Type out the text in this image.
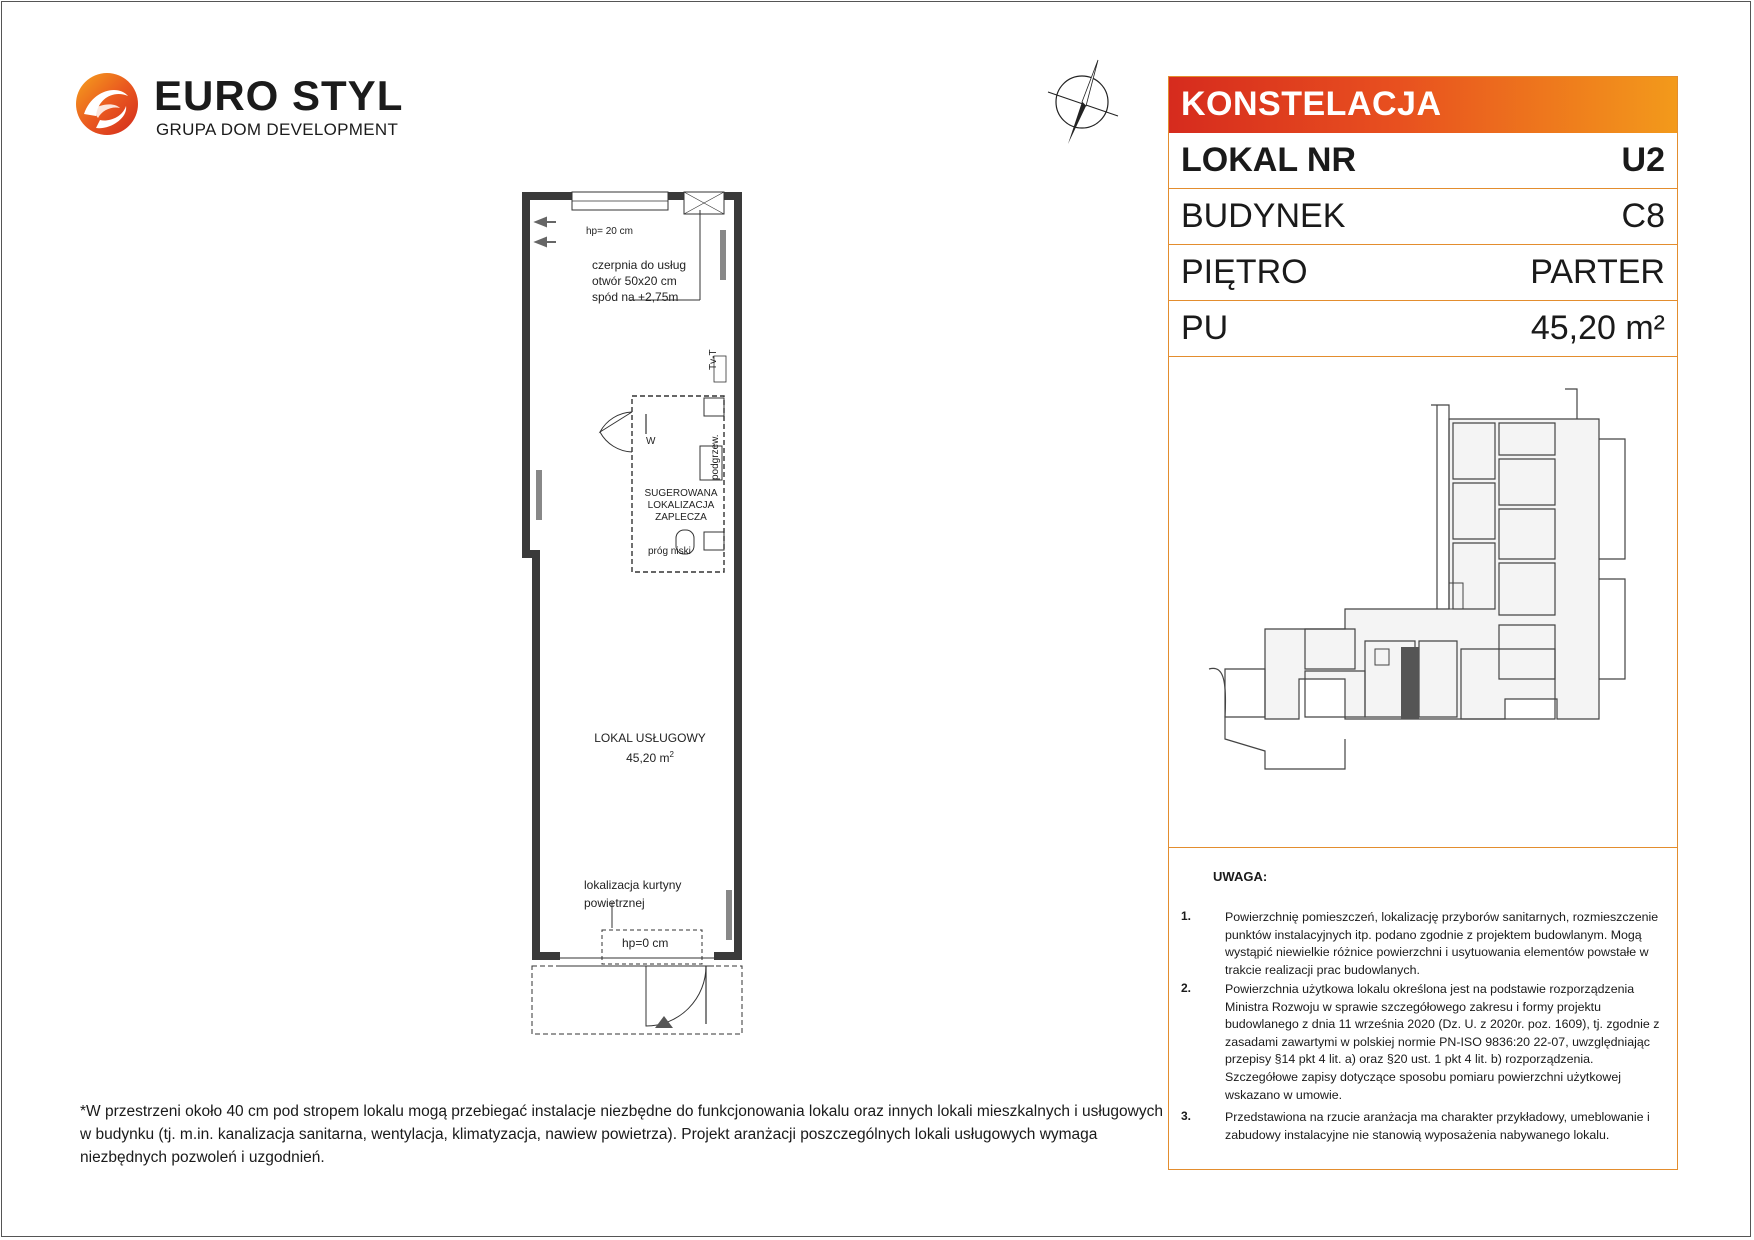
EURO STYL
GRUPA DOM DEVELOPMENT
hp= 20 cm
czerpnia do usług
otwór 50x20 cm
spód na +2,75m
W
Tv-T
podgrzew.
SUGEROWANA
LOKALIZACJA
ZAPLECZA
próg niski
LOKAL USŁUGOWY
45,20 $m^2$
lokalizacja kurtyny
powietrznej
hp=0 cm
KONSTELACJA
LOKAL NR	U2
BUDYNEK	C8
PIĘTRO	PARTER
PU	45,20 m²
UWAGA:
1.	Powierzchnię pomieszczeń, lokalizację przyborów sanitarnych, rozmieszczenie punktów instalacyjnych itp. podano zgodnie z projektem budowlanym. Mogą wystąpić niewielkie różnice powierzchni i usytuowania elementów powstałe w trakcie realizacji prac budowlanych.
2.	Powierzchnia użytkowa lokalu określona jest na podstawie rozporządzenia Ministra Rozwoju w sprawie szczegółowego zakresu i formy projektu budowlanego z dnia 11 września 2020 (Dz. U. z 2020r. poz. 1609), tj. zgodnie z zasadami zawartymi w polskiej normie PN-ISO 9836:20 22-07, uwzględniając przepisy §14 pkt 4 lit. a) oraz §20 ust. 1 pkt 4 lit. b) rozporządzenia. Szczegółowe zapisy dotyczące sposobu pomiaru powierzchni użytkowej wskazano w umowie.
3.	Przedstawiona na rzucie aranżacja ma charakter przykładowy, umeblowanie i zabudowy instalacyjne nie stanowią wyposażenia nabywanego lokalu.
*W przestrzeni około 40 cm pod stropem lokalu mogą przebiegać instalacje niezbędne do funkcjonowania lokalu oraz innych lokali mieszkalnych i usługowych w budynku (tj. m.in. kanalizacja sanitarna, wentylacja, klimatyzacja, nawiew powietrza). Projekt aranżacji poszczególnych lokali usługowych wymaga niezbędnych pozwoleń i uzgodnień.
